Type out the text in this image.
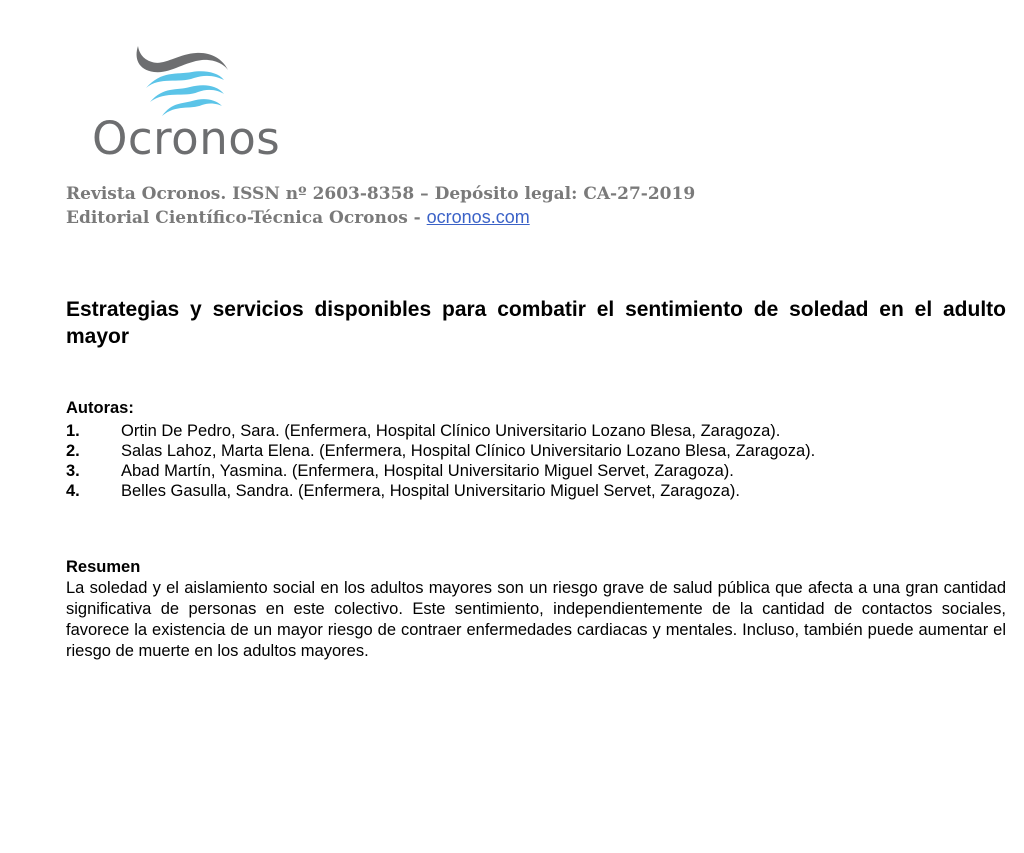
Ocronos
Revista Ocronos. ISSN nº 2603-8358 – Depósito legal: CA-27-2019
Editorial Científico-Técnica Ocronos - ocronos.com
Estrategias y servicios disponibles para combatir el sentimiento de soledad en el adulto mayor
Autoras:
1. Ortin De Pedro, Sara. (Enfermera, Hospital Clínico Universitario Lozano Blesa, Zaragoza).
2. Salas Lahoz, Marta Elena. (Enfermera, Hospital Clínico Universitario Lozano Blesa, Zaragoza).
3. Abad Martín, Yasmina. (Enfermera, Hospital Universitario Miguel Servet, Zaragoza).
4. Belles Gasulla, Sandra. (Enfermera, Hospital Universitario Miguel Servet, Zaragoza).
Resumen

La soledad y el aislamiento social en los adultos mayores son un riesgo grave de salud pública que afecta a una gran cantidad significativa de personas en este colectivo. Este sentimiento, independientemente de la cantidad de contactos sociales, favorece la existencia de un mayor riesgo de contraer enfermedades cardiacas y mentales. Incluso, también puede aumentar el riesgo de muerte en los adultos mayores.
